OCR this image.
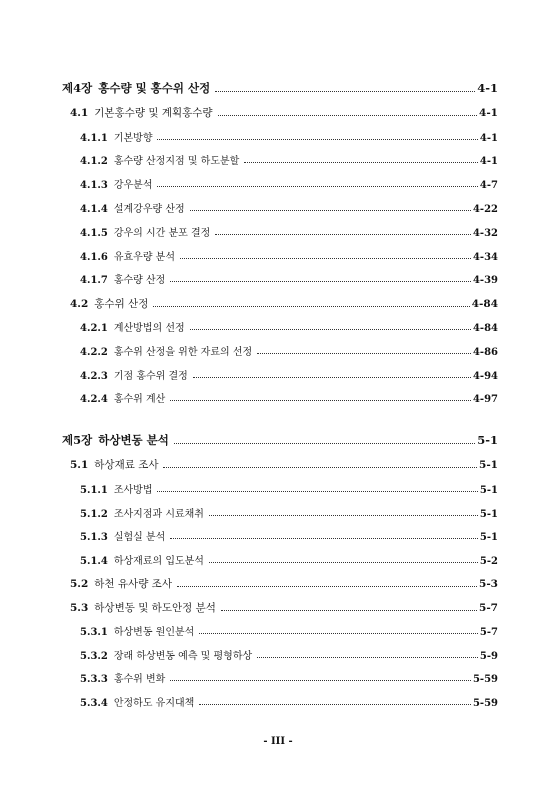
제4장 홍수량 및 홍수위 산정	4-1
4.1 기본홍수량 및 계획홍수량	4-1
4.1.1 기본방향	4-1
4.1.2 홍수량 산정지점 및 하도분할	4-1
4.1.3 강우분석	4-7
4.1.4 설계강우량 산정	4-22
4.1.5 강우의 시간 분포 결정	4-32
4.1.6 유효우량 분석	4-34
4.1.7 홍수량 산정	4-39
4.2 홍수위 산정	4-84
4.2.1 계산방법의 선정	4-84
4.2.2 홍수위 산정을 위한 자료의 선정	4-86
4.2.3 기점 홍수위 결정	4-94
4.2.4 홍수위 계산	4-97
제5장 하상변동 분석	5-1
5.1 하상재료 조사	5-1
5.1.1 조사방법	5-1
5.1.2 조사지점과 시료채취	5-1
5.1.3 실험실 분석	5-1
5.1.4 하상재료의 입도분석	5-2
5.2 하천 유사량 조사	5-3
5.3 하상변동 및 하도안정 분석	5-7
5.3.1 하상변동 원인분석	5-7
5.3.2 장래 하상변동 예측 및 평형하상	5-9
5.3.3 홍수위 변화	5-59
5.3.4 안정하도 유지대책	5-59
- III -
